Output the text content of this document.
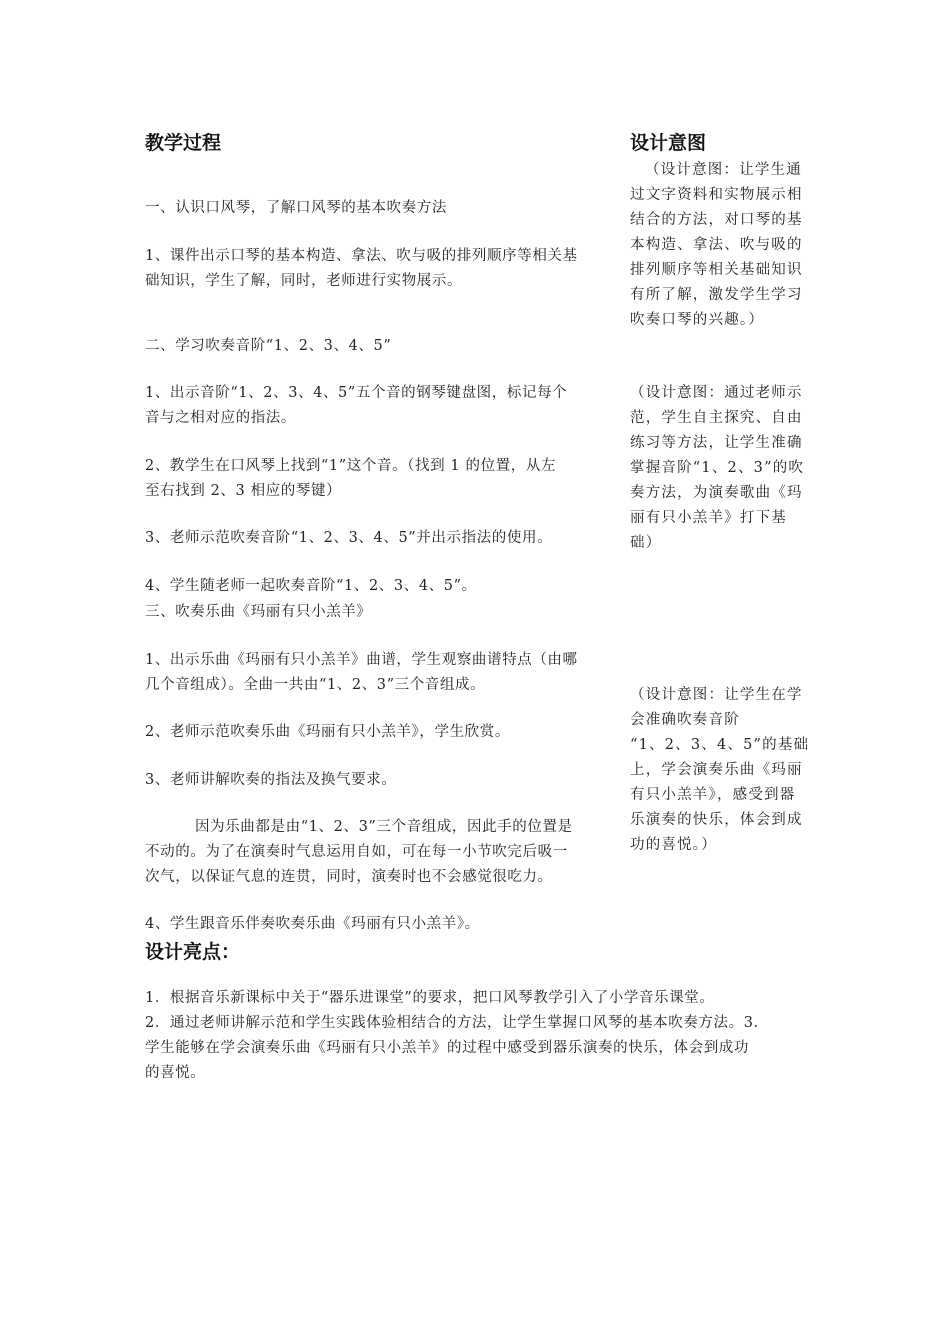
教学过程	设计意图
一、认识口风琴，了解口风琴的基本吹奏方法
1、课件出示口琴的基本构造、拿法、吹与吸的排列顺序等相关基
础知识，学生了解，同时，老师进行实物展示。
二、学习吹奏音阶“1、2、3、4、5”
1、出示音阶“1、2、3、4、5”五个音的钢琴键盘图，标记每个
音与之相对应的指法。
2、教学生在口风琴上找到“1”这个音。（找到 1 的位置，从左
至右找到 2、3 相应的琴键）
3、老师示范吹奏音阶“1、2、3、4、5”并出示指法的使用。
4、学生随老师一起吹奏音阶“1、2、3、4、5”。
三、吹奏乐曲《玛丽有只小羔羊》
1、出示乐曲《玛丽有只小羔羊》曲谱，学生观察曲谱特点（由哪
几个音组成）。全曲一共由“1、2、3”三个音组成。
2、老师示范吹奏乐曲《玛丽有只小羔羊》，学生欣赏。
3、老师讲解吹奏的指法及换气要求。
因为乐曲都是由“1、2、3”三个音组成，因此手的位置是
不动的。为了在演奏时气息运用自如，可在每一小节吹完后吸一
次气，以保证气息的连贯，同时，演奏时也不会感觉很吃力。
4、学生跟音乐伴奏吹奏乐曲《玛丽有只小羔羊》。
（设计意图：让学生通
过文字资料和实物展示相
结合的方法，对口琴的基
本构造、拿法、吹与吸的
排列顺序等相关基础知识
有所了解，激发学生学习
吹奏口琴的兴趣。）
（设计意图：通过老师示
范，学生自主探究、自由
练习等方法，让学生准确
掌握音阶“1、2、3”的吹
奏方法，为演奏歌曲《玛
丽有只小羔羊》打下基
础）
（设计意图：让学生在学
会准确吹奏音阶
“1、2、3、4、5”的基础
上，学会演奏乐曲《玛丽
有只小羔羊》，感受到器
乐演奏的快乐，体会到成
功的喜悦。）
设计亮点：
1．根据音乐新课标中关于“器乐进课堂”的要求，把口风琴教学引入了小学音乐课堂。
2．通过老师讲解示范和学生实践体验相结合的方法，让学生掌握口风琴的基本吹奏方法。3.
学生能够在学会演奏乐曲《玛丽有只小羔羊》的过程中感受到器乐演奏的快乐，体会到成功
的喜悦。
